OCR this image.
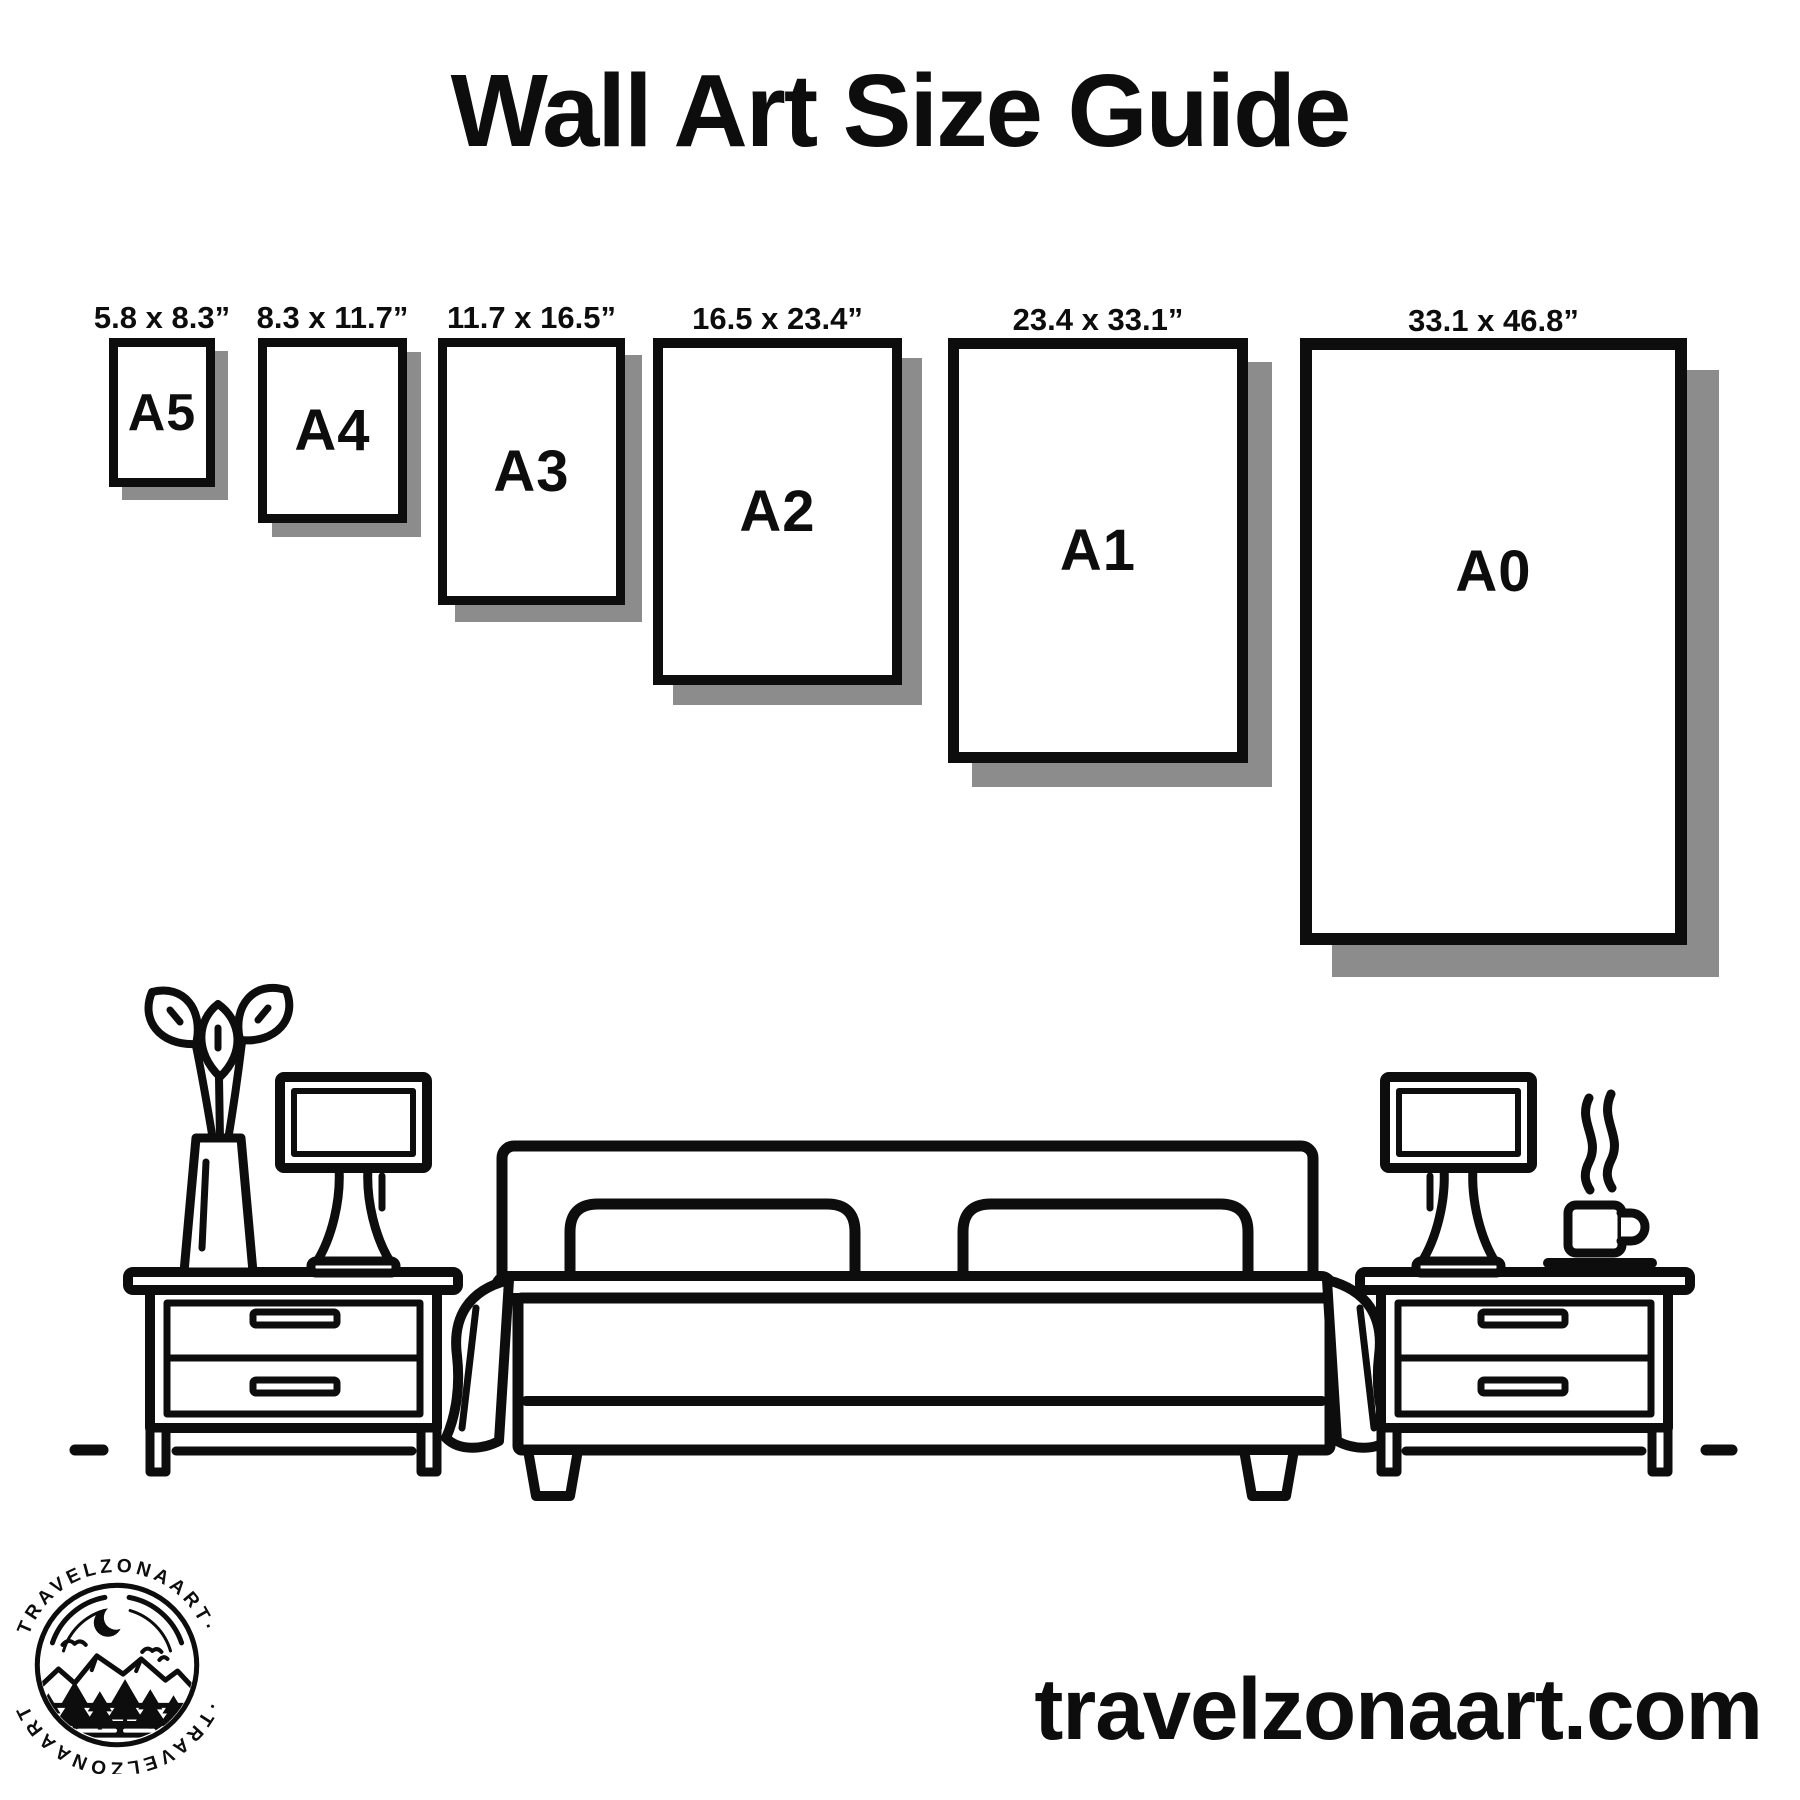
Wall Art Size Guide
5.8 x 8.3”
A5
8.3 x 11.7”
A4
11.7 x 16.5”
A3
16.5 x 23.4”
A2
23.4 x 33.1”
A1
33.1 x 46.8”
A0
TRAVELZONAART·
·TRAVELZONAART	travelzonaart.com
